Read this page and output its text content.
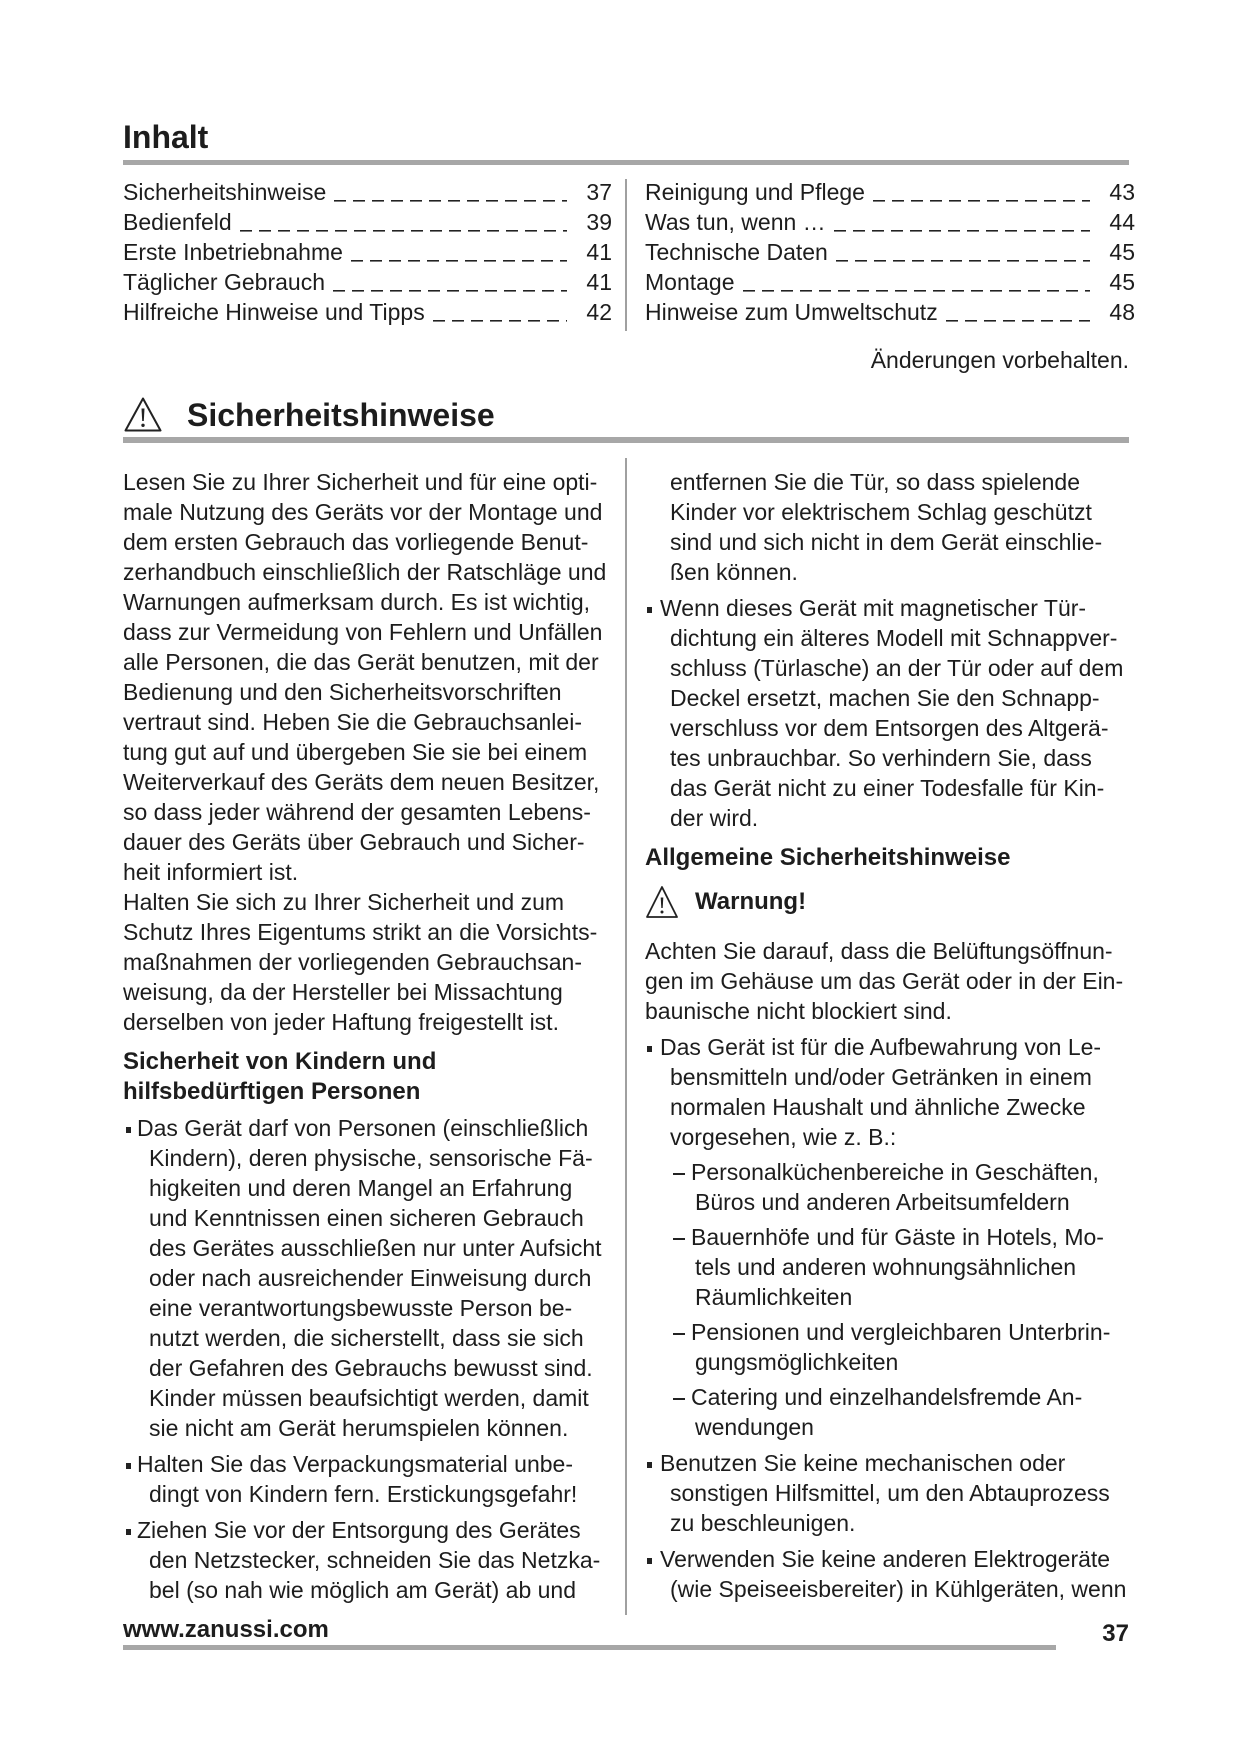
Inhalt
Sicherheitshinweise	37
Bedienfeld	39
Erste Inbetriebnahme	41
Täglicher Gebrauch	41
Hilfreiche Hinweise und Tipps	42
Reinigung und Pflege	43
Was tun, wenn …	44
Technische Daten	45
Montage	45
Hinweise zum Umweltschutz	48
Änderungen vorbehalten.
Sicherheitshinweise
Lesen Sie zu Ihrer Sicherheit und für eine opti-
male Nutzung des Geräts vor der Montage und
dem ersten Gebrauch das vorliegende Benut-
zerhandbuch einschließlich der Ratschläge und
Warnungen aufmerksam durch. Es ist wichtig,
dass zur Vermeidung von Fehlern und Unfällen
alle Personen, die das Gerät benutzen, mit der
Bedienung und den Sicherheitsvorschriften
vertraut sind. Heben Sie die Gebrauchsanlei-
tung gut auf und übergeben Sie sie bei einem
Weiterverkauf des Geräts dem neuen Besitzer,
so dass jeder während der gesamten Lebens-
dauer des Geräts über Gebrauch und Sicher-
heit informiert ist.
Halten Sie sich zu Ihrer Sicherheit und zum
Schutz Ihres Eigentums strikt an die Vorsichts-
maßnahmen der vorliegenden Gebrauchsan-
weisung, da der Hersteller bei Missachtung
derselben von jeder Haftung freigestellt ist.
Sicherheit von Kindern und
hilfsbedürftigen Personen
Das Gerät darf von Personen (einschließlich
Kindern), deren physische, sensorische Fä-
higkeiten und deren Mangel an Erfahrung
und Kenntnissen einen sicheren Gebrauch
des Gerätes ausschließen nur unter Aufsicht
oder nach ausreichender Einweisung durch
eine verantwortungsbewusste Person be-
nutzt werden, die sicherstellt, dass sie sich
der Gefahren des Gebrauchs bewusst sind.
Kinder müssen beaufsichtigt werden, damit
sie nicht am Gerät herumspielen können.
Halten Sie das Verpackungsmaterial unbe-
dingt von Kindern fern. Erstickungsgefahr!
Ziehen Sie vor der Entsorgung des Gerätes
den Netzstecker, schneiden Sie das Netzka-
bel (so nah wie möglich am Gerät) ab und
entfernen Sie die Tür, so dass spielende
Kinder vor elektrischem Schlag geschützt
sind und sich nicht in dem Gerät einschlie-
ßen können.
Wenn dieses Gerät mit magnetischer Tür-
dichtung ein älteres Modell mit Schnappver-
schluss (Türlasche) an der Tür oder auf dem
Deckel ersetzt, machen Sie den Schnapp-
verschluss vor dem Entsorgen des Altgerä-
tes unbrauchbar. So verhindern Sie, dass
das Gerät nicht zu einer Todesfalle für Kin-
der wird.
Allgemeine Sicherheitshinweise
Warnung!
Achten Sie darauf, dass die Belüftungsöffnun-
gen im Gehäuse um das Gerät oder in der Ein-
baunische nicht blockiert sind.
Das Gerät ist für die Aufbewahrung von Le-
bensmitteln und/oder Getränken in einem
normalen Haushalt und ähnliche Zwecke
vorgesehen, wie z. B.:
Personalküchenbereiche in Geschäften,
Büros und anderen Arbeitsumfeldern
Bauernhöfe und für Gäste in Hotels, Mo-
tels und anderen wohnungsähnlichen
Räumlichkeiten
Pensionen und vergleichbaren Unterbrin-
gungsmöglichkeiten
Catering und einzelhandelsfremde An-
wendungen
Benutzen Sie keine mechanischen oder
sonstigen Hilfsmittel, um den Abtauprozess
zu beschleunigen.
Verwenden Sie keine anderen Elektrogeräte
(wie Speiseeisbereiter) in Kühlgeräten, wenn
www.zanussi.com	37
